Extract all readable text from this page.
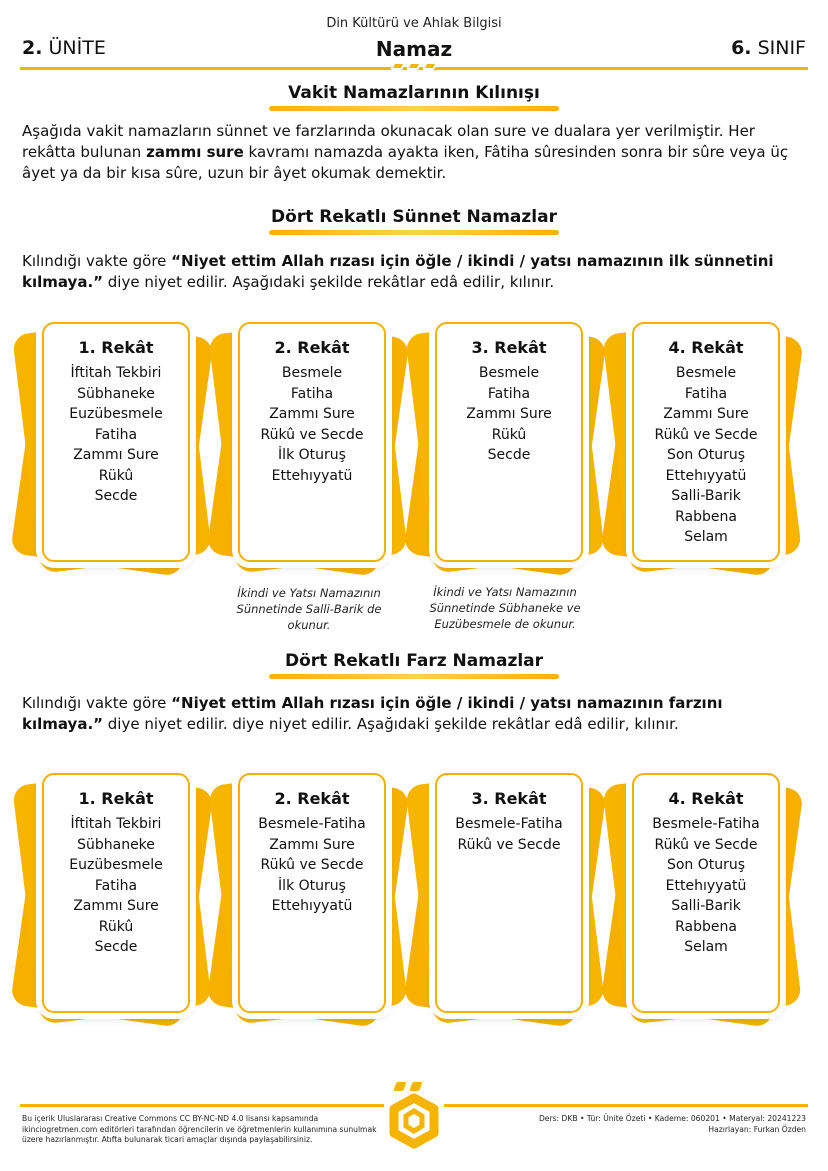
Din Kültürü ve Ahlak Bilgisi
2. ÜNİTE	Namaz	6. SINIF
Vakit Namazlarının Kılınışı
Aşağıda vakit namazların sünnet ve farzlarında okunacak olan sure ve dualara yer verilmiştir. Her rekâtta bulunan zammı sure kavramı namazda ayakta iken, Fâtiha sûresinden sonra bir sûre veya üç âyet ya da bir kısa sûre, uzun bir âyet okumak demektir.
Dört Rekatlı Sünnet Namazlar
Kılındığı vakte göre “Niyet ettim Allah rızası için öğle / ikindi / yatsı namazının ilk sünnetini kılmaya.” diye niyet edilir. Aşağıdaki şekilde rekâtlar edâ edilir, kılınır.
1. Rekât
İftitah Tekbiri
Sübhaneke
Euzübesmele
Fatiha
Zammı Sure
Rükû
Secde
2. Rekât
Besmele
Fatiha
Zammı Sure
Rükû ve Secde
İlk Oturuş
Ettehıyyatü
3. Rekât
Besmele
Fatiha
Zammı Sure
Rükû
Secde
4. Rekât
Besmele
Fatiha
Zammı Sure
Rükû ve Secde
Son Oturuş
Ettehıyyatü
Salli-Barik
Rabbena
Selam
İkindi ve Yatsı Namazının Sünnetinde Salli-Barik de okunur.
İkindi ve Yatsı Namazının Sünnetinde Sübhaneke ve Euzübesmele de okunur.
Dört Rekatlı Farz Namazlar
Kılındığı vakte göre “Niyet ettim Allah rızası için öğle / ikindi / yatsı namazının farzını kılmaya.” diye niyet edilir. diye niyet edilir. Aşağıdaki şekilde rekâtlar edâ edilir, kılınır.
1. Rekât
İftitah Tekbiri
Sübhaneke
Euzübesmele
Fatiha
Zammı Sure
Rükû
Secde
2. Rekât
Besmele-Fatiha
Zammı Sure
Rükû ve Secde
İlk Oturuş
Ettehıyyatü
3. Rekât
Besmele-Fatiha
Rükû ve Secde
4. Rekât
Besmele-Fatiha
Rükû ve Secde
Son Oturuş
Ettehıyyatü
Salli-Barik
Rabbena
Selam
Bu içerik Uluslararası Creative Commons CC BY-NC-ND 4.0 lisansı kapsamında ikinciogretmen.com editörleri tarafından öğrencilerin ve öğretmenlerin kullanımına sunulmak üzere hazırlanmıştır. Atıfta bulunarak ticari amaçlar dışında paylaşabilirsiniz.
Ders: DKB • Tür: Ünite Özeti • Kademe: 060201 • Materyal: 20241223
Hazırlayan: Furkan Özden
